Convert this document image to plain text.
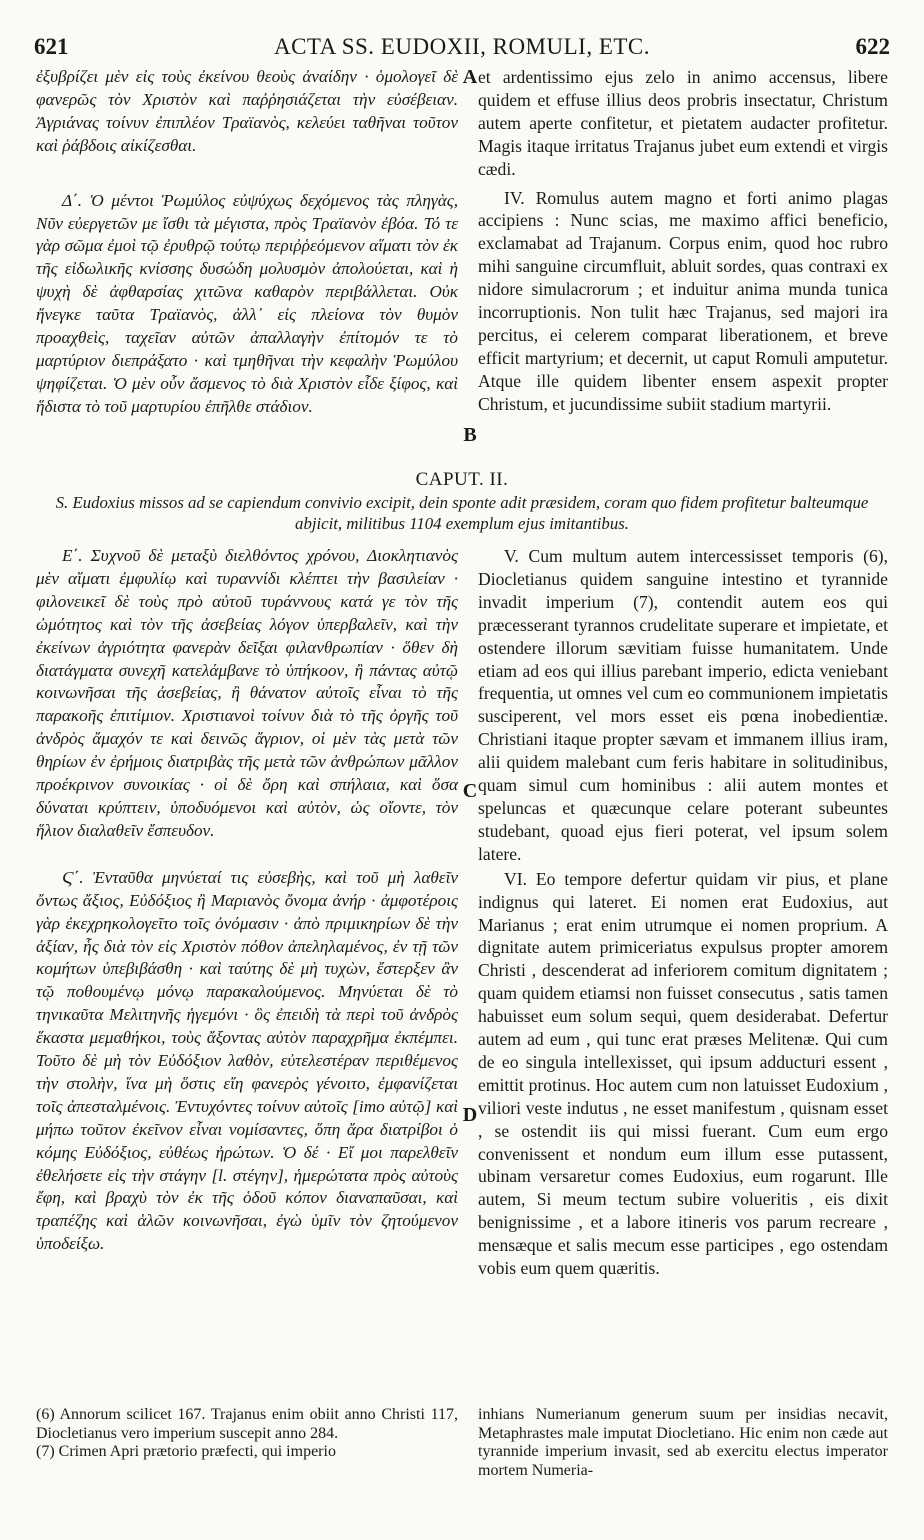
621	ACTA SS. EUDOXII, ROMULI, ETC.	622

ἐξυβρίζει μὲν εἰς τοὺς ἐκείνου θεοὺς ἀναίδην · ὁμολογεῖ δὲ φανερῶς τὸν Χριστὸν καὶ παῤῥησιάζεται τὴν εὐσέβειαν. Ἀγριάνας τοίνυν ἐπιπλέον Τραϊανὸς, κελεύει ταθῆναι τοῦτον καὶ ῥάβδοις αἰκίζεσθαι.

Δ΄. Ὁ μέντοι Ῥωμύλος εὐψύχως δεχόμενος τὰς πληγὰς, Νῦν εὐεργετῶν με ἴσθι τὰ μέγιστα, πρὸς Τραϊανὸν ἐβόα. Τό τε γὰρ σῶμα ἐμοὶ τῷ ἐρυθρῷ τούτῳ περιῤῥεόμενον αἵματι τὸν ἐκ τῆς εἰδωλικῆς κνίσσης δυσώδη μολυσμὸν ἀπολούεται, καὶ ἡ ψυχὴ δὲ ἀφθαρσίας χιτῶνα καθαρὸν περιβάλλεται. Οὐκ ἤνεγκε ταῦτα Τραϊανὸς, ἀλλ᾽ εἰς πλείονα τὸν θυμὸν προαχθεὶς, ταχεῖαν αὐτῶν ἀπαλλαγὴν ἐπίτομόν τε τὸ μαρτύριον διεπράξατο · καὶ τμηθῆναι τὴν κεφαλὴν Ῥωμύλου ψηφίζεται. Ὁ μὲν οὖν ἄσμενος τὸ διὰ Χριστὸν εἶδε ξίφος, καὶ ἥδιστα τὸ τοῦ μαρτυρίου ἐπῆλθε στάδιον.

et ardentissimo ejus zelo in animo accensus, libere quidem et effuse illius deos probris insectatur, Christum autem aperte confitetur, et pietatem audacter profitetur. Magis itaque irritatus Trajanus jubet eum extendi et virgis cædi.

IV. Romulus autem magno et forti animo plagas accipiens : Nunc scias, me maximo affici beneficio, exclamabat ad Trajanum. Corpus enim, quod hoc rubro mihi sanguine circumfluit, abluit sordes, quas contraxi ex nidore simulacrorum ; et induitur anima munda tunica incorruptionis. Non tulit hæc Trajanus, sed majori ira percitus, ei celerem comparat liberationem, et breve efficit martyrium; et decernit, ut caput Romuli amputetur. Atque ille quidem libenter ensem aspexit propter Christum, et jucundissime subiit stadium martyrii.

A
B
CAPUT. II.
S. Eudoxius missos ad se capiendum convivio excipit, dein sponte adit præsidem, coram quo fidem profitetur balteumque abjicit, militibus 1104 exemplum ejus imitantibus.

Ε΄. Συχνοῦ δὲ μεταξὺ διελθόντος χρόνου, Διοκλητιανὸς μὲν αἵματι ἐμφυλίῳ καὶ τυραννίδι κλέπτει τὴν βασιλείαν · φιλονεικεῖ δὲ τοὺς πρὸ αὐτοῦ τυράννους κατά γε τὸν τῆς ὠμότητος καὶ τὸν τῆς ἀσεβείας λόγον ὑπερβαλεῖν, καὶ τὴν ἐκείνων ἀγριότητα φανερὰν δεῖξαι φιλανθρωπίαν · ὅθεν δὴ διατάγματα συνεχῆ κατελάμβανε τὸ ὑπήκοον, ἢ πάντας αὐτῷ κοινωνῆσαι τῆς ἀσεβείας, ἢ θάνατον αὐτοῖς εἶναι τὸ τῆς παρακοῆς ἐπιτίμιον. Χριστιανοὶ τοίνυν διὰ τὸ τῆς ὀργῆς τοῦ ἀνδρὸς ἄμαχόν τε καὶ δεινῶς ἄγριον, οἱ μὲν τὰς μετὰ τῶν θηρίων ἐν ἐρήμοις διατριβὰς τῆς μετὰ τῶν ἀνθρώπων μᾶλλον προέκρινον συνοικίας · οἱ δὲ ὄρη καὶ σπήλαια, καὶ ὅσα δύναται κρύπτειν, ὑποδυόμενοι καὶ αὐτὸν, ὡς οἴοντε, τὸν ἥλιον διαλαθεῖν ἔσπευδον.

Ϛ΄. Ἐνταῦθα μηνύεταί τις εὐσεβὴς, καὶ τοῦ μὴ λαθεῖν ὄντως ἄξιος, Εὐδόξιος ἢ Μαριανὸς ὄνομα ἀνήρ · ἀμφοτέροις γὰρ ἐκεχρηκολογεῖτο τοῖς ὀνόμασιν · ἀπὸ πριμικηρίων δὲ τὴν ἀξίαν, ἧς διὰ τὸν εἰς Χριστὸν πόθον ἀπεληλαμένος, ἐν τῇ τῶν κομήτων ὑπεβιβάσθη · καὶ ταύτης δὲ μὴ τυχὼν, ἔστερξεν ἂν τῷ ποθουμένῳ μόνῳ παρακαλούμενος. Μηνύεται δὲ τὸ τηνικαῦτα Μελιτηνῆς ἡγεμόνι · ὃς ἐπειδὴ τὰ περὶ τοῦ ἀνδρὸς ἕκαστα μεμαθήκοι, τοὺς ἄξοντας αὐτὸν παραχρῆμα ἐκπέμπει. Τοῦτο δὲ μὴ τὸν Εὐδόξιον λαθὸν, εὐτελεστέραν περιθέμενος τὴν στολὴν, ἵνα μὴ ὅστις εἴη φανερὸς γένοιτο, ἐμφανίζεται τοῖς ἀπεσταλμένοις. Ἐντυχόντες τοίνυν αὐτοῖς [imo αὐτῷ] καὶ μήπω τοῦτον ἐκεῖνον εἶναι νομίσαντες, ὅπη ἄρα διατρίβοι ὁ κόμης Εὐδόξιος, εὐθέως ἠρώτων. Ὁ δέ · Εἴ μοι παρελθεῖν ἐθελήσετε εἰς τὴν στάγην [l. στέγην], ἡμερώτατα πρὸς αὐτοὺς ἔφη, καὶ βραχὺ τὸν ἐκ τῆς ὁδοῦ κόπον διαναπαῦσαι, καὶ τραπέζης καὶ ἁλῶν κοινωνῆσαι, ἐγὼ ὑμῖν τὸν ζητούμενον ὑποδείξω.

V. Cum multum autem intercessisset temporis (6), Diocletianus quidem sanguine intestino et tyrannide invadit imperium (7), contendit autem eos qui præcesserant tyrannos crudelitate superare et impietate, et ostendere illorum sævitiam fuisse humanitatem. Unde etiam ad eos qui illius parebant imperio, edicta veniebant frequentia, ut omnes vel cum eo communionem impietatis susciperent, vel mors esset eis pœna inobedientiæ. Christiani itaque propter sævam et immanem illius iram, alii quidem malebant cum feris habitare in solitudinibus, quam simul cum hominibus : alii autem montes et speluncas et quæcunque celare poterant subeuntes studebant, quoad ejus fieri poterat, vel ipsum solem latere.

VI. Eo tempore defertur quidam vir pius, et plane indignus qui lateret. Ei nomen erat Eudoxius, aut Marianus ; erat enim utrumque ei nomen proprium. A dignitate autem primiceriatus expulsus propter amorem Christi , descenderat ad inferiorem comitum dignitatem ; quam quidem etiamsi non fuisset consecutus , satis tamen habuisset eum solum sequi, quem desiderabat. Defertur autem ad eum , qui tunc erat præses Melitenæ. Qui cum de eo singula intellexisset, qui ipsum adducturi essent , emittit protinus. Hoc autem cum non latuisset Eudoxium , viliori veste indutus , ne esset manifestum , quisnam esset , se ostendit iis qui missi fuerant. Cum eum ergo convenissent et nondum eum illum esse putassent, ubinam versaretur comes Eudoxius, eum rogarunt. Ille autem, Si meum tectum subire volueritis , eis dixit benignissime , et a labore itineris vos parum recreare , mensæque et salis mecum esse participes , ego ostendam vobis eum quem quæritis.

C
D

(6) Annorum scilicet 167. Trajanus enim obiit anno Christi 117, Diocletianus vero imperium suscepit anno 284.

(7) Crimen Apri prætorio præfecti, qui imperio

inhians Numerianum generum suum per insidias necavit, Metaphrastes male imputat Diocletiano. Hic enim non cæde aut tyrannide imperium invasit, sed ab exercitu electus imperator mortem Numeria-
